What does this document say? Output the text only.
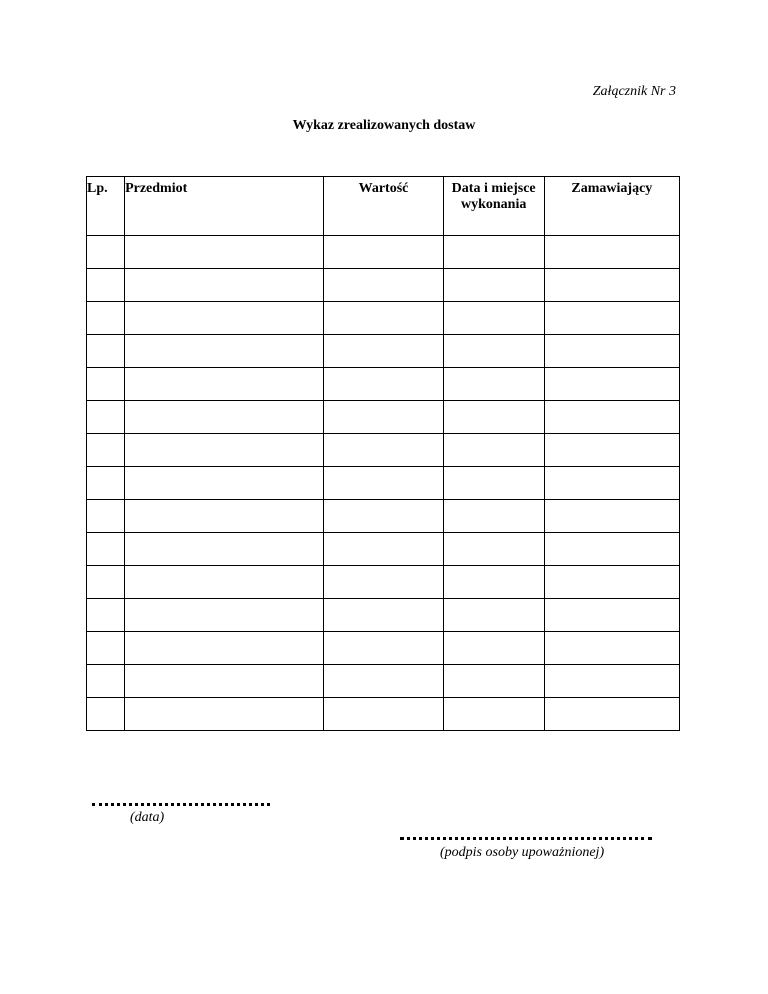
Załącznik Nr 3
Wykaz zrealizowanych dostaw
Lp.	Przedmiot	Wartość	Data i miejsce wykonania	Zamawiający

(data)
(podpis osoby upoważnionej)
